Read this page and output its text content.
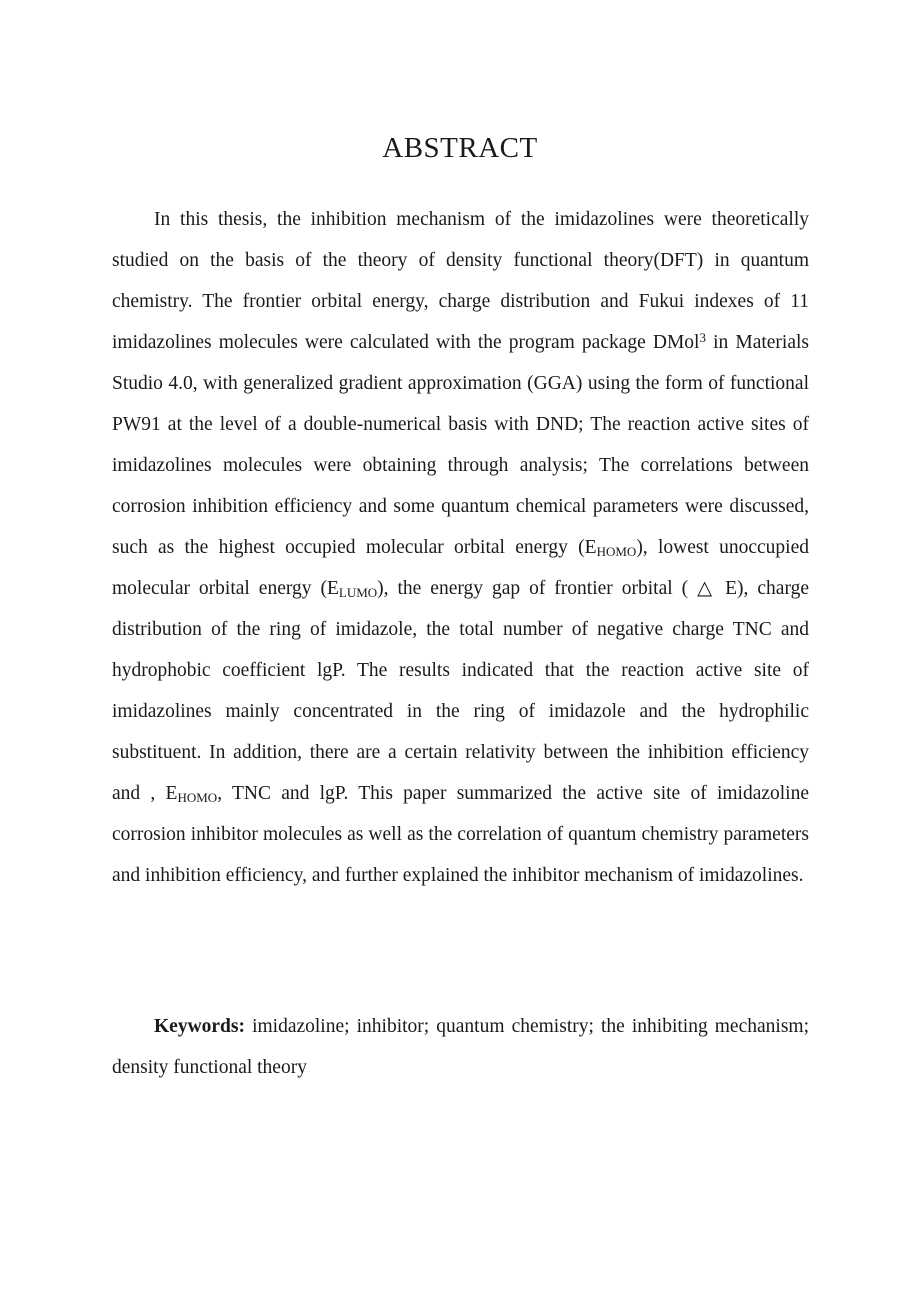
ABSTRACT

In this thesis, the inhibition mechanism of the imidazolines were theoretically studied on the basis of the theory of density functional theory(DFT) in quantum chemistry. The frontier orbital energy, charge distribution and Fukui indexes of 11 imidazolines molecules were calculated with the program package DMol$^3$ in Materials Studio 4.0, with generalized gradient approximation (GGA) using the form of functional PW91 at the level of a double-numerical basis with DND; The reaction active sites of imidazolines molecules were obtaining through analysis; The correlations between corrosion inhibition efficiency and some quantum chemical parameters were discussed, such as the highest occupied molecular orbital energy $(E_{HOMO})$, lowest unoccupied molecular orbital energy $(E_{LUMO})$, the energy gap of frontier orbital ( △ E), charge distribution of the ring of imidazole, the total number of negative charge TNC and hydrophobic coefficient lgP. The results indicated that the reaction active site of imidazolines mainly concentrated in the ring of imidazole and the hydrophilic substituent. In addition, there are a certain relativity between the inhibition efficiency and , $E_{HOMO}$, TNC and lgP. This paper summarized the active site of imidazoline corrosion inhibitor molecules as well as the correlation of quantum chemistry parameters and inhibition efficiency, and further explained the inhibitor mechanism of imidazolines.

Keywords: imidazoline; inhibitor; quantum chemistry; the inhibiting mechanism; density functional theory
